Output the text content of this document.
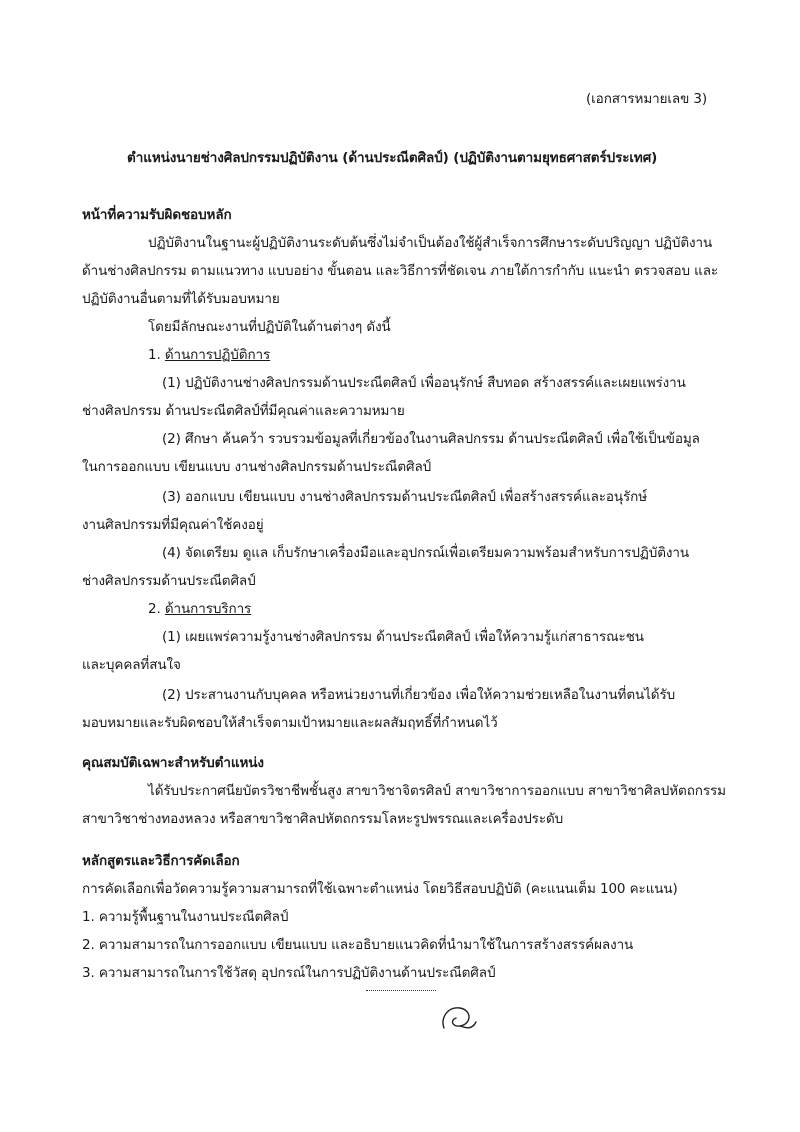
(เอกสารหมายเลข 3)
ตำแหน่งนายช่างศิลปกรรมปฏิบัติงาน (ด้านประณีตศิลป์) (ปฏิบัติงานตามยุทธศาสตร์ประเทศ)
หน้าที่ความรับผิดชอบหลัก
ปฏิบัติงานในฐานะผู้ปฏิบัติงานระดับต้นซึ่งไม่จำเป็นต้องใช้ผู้สำเร็จการศึกษาระดับปริญญา ปฏิบัติงาน
ด้านช่างศิลปกรรม ตามแนวทาง แบบอย่าง ขั้นตอน และวิธีการที่ชัดเจน ภายใต้การกำกับ แนะนำ ตรวจสอบ และ
ปฏิบัติงานอื่นตามที่ได้รับมอบหมาย
โดยมีลักษณะงานที่ปฏิบัติในด้านต่างๆ ดังนี้
1. ด้านการปฏิบัติการ
(1) ปฏิบัติงานช่างศิลปกรรมด้านประณีตศิลป์ เพื่ออนุรักษ์ สืบทอด สร้างสรรค์และเผยแพร่งาน
ช่างศิลปกรรม ด้านประณีตศิลป์ที่มีคุณค่าและความหมาย
(2) ศึกษา ค้นคว้า รวบรวมข้อมูลที่เกี่ยวข้องในงานศิลปกรรม ด้านประณีตศิลป์ เพื่อใช้เป็นข้อมูล
ในการออกแบบ เขียนแบบ งานช่างศิลปกรรมด้านประณีตศิลป์
(3) ออกแบบ เขียนแบบ งานช่างศิลปกรรมด้านประณีตศิลป์ เพื่อสร้างสรรค์และอนุรักษ์
งานศิลปกรรมที่มีคุณค่าใช้คงอยู่
(4) จัดเตรียม ดูแล เก็บรักษาเครื่องมือและอุปกรณ์เพื่อเตรียมความพร้อมสำหรับการปฏิบัติงาน
ช่างศิลปกรรมด้านประณีตศิลป์
2. ด้านการบริการ
(1) เผยแพร่ความรู้งานช่างศิลปกรรม ด้านประณีตศิลป์ เพื่อให้ความรู้แก่สาธารณะชน
และบุคคลที่สนใจ
(2) ประสานงานกับบุคคล หรือหน่วยงานที่เกี่ยวข้อง เพื่อให้ความช่วยเหลือในงานที่ตนได้รับ
มอบหมายและรับผิดชอบให้สำเร็จตามเป้าหมายและผลสัมฤทธิ์ที่กำหนดไว้
คุณสมบัติเฉพาะสำหรับตำแหน่ง
ได้รับประกาศนียบัตรวิชาชีพชั้นสูง สาขาวิชาจิตรศิลป์ สาขาวิชาการออกแบบ สาขาวิชาศิลปหัตถกรรม
สาขาวิชาช่างทองหลวง หรือสาขาวิชาศิลปหัตถกรรมโลหะรูปพรรณและเครื่องประดับ
หลักสูตรและวิธีการคัดเลือก
การคัดเลือกเพื่อวัดความรู้ความสามารถที่ใช้เฉพาะตำแหน่ง โดยวิธีสอบปฏิบัติ (คะแนนเต็ม 100 คะแนน)
1. ความรู้พื้นฐานในงานประณีตศิลป์
2. ความสามารถในการออกแบบ เขียนแบบ และอธิบายแนวคิดที่นำมาใช้ในการสร้างสรรค์ผลงาน
3. ความสามารถในการใช้วัสดุ อุปกรณ์ในการปฏิบัติงานด้านประณีตศิลป์
